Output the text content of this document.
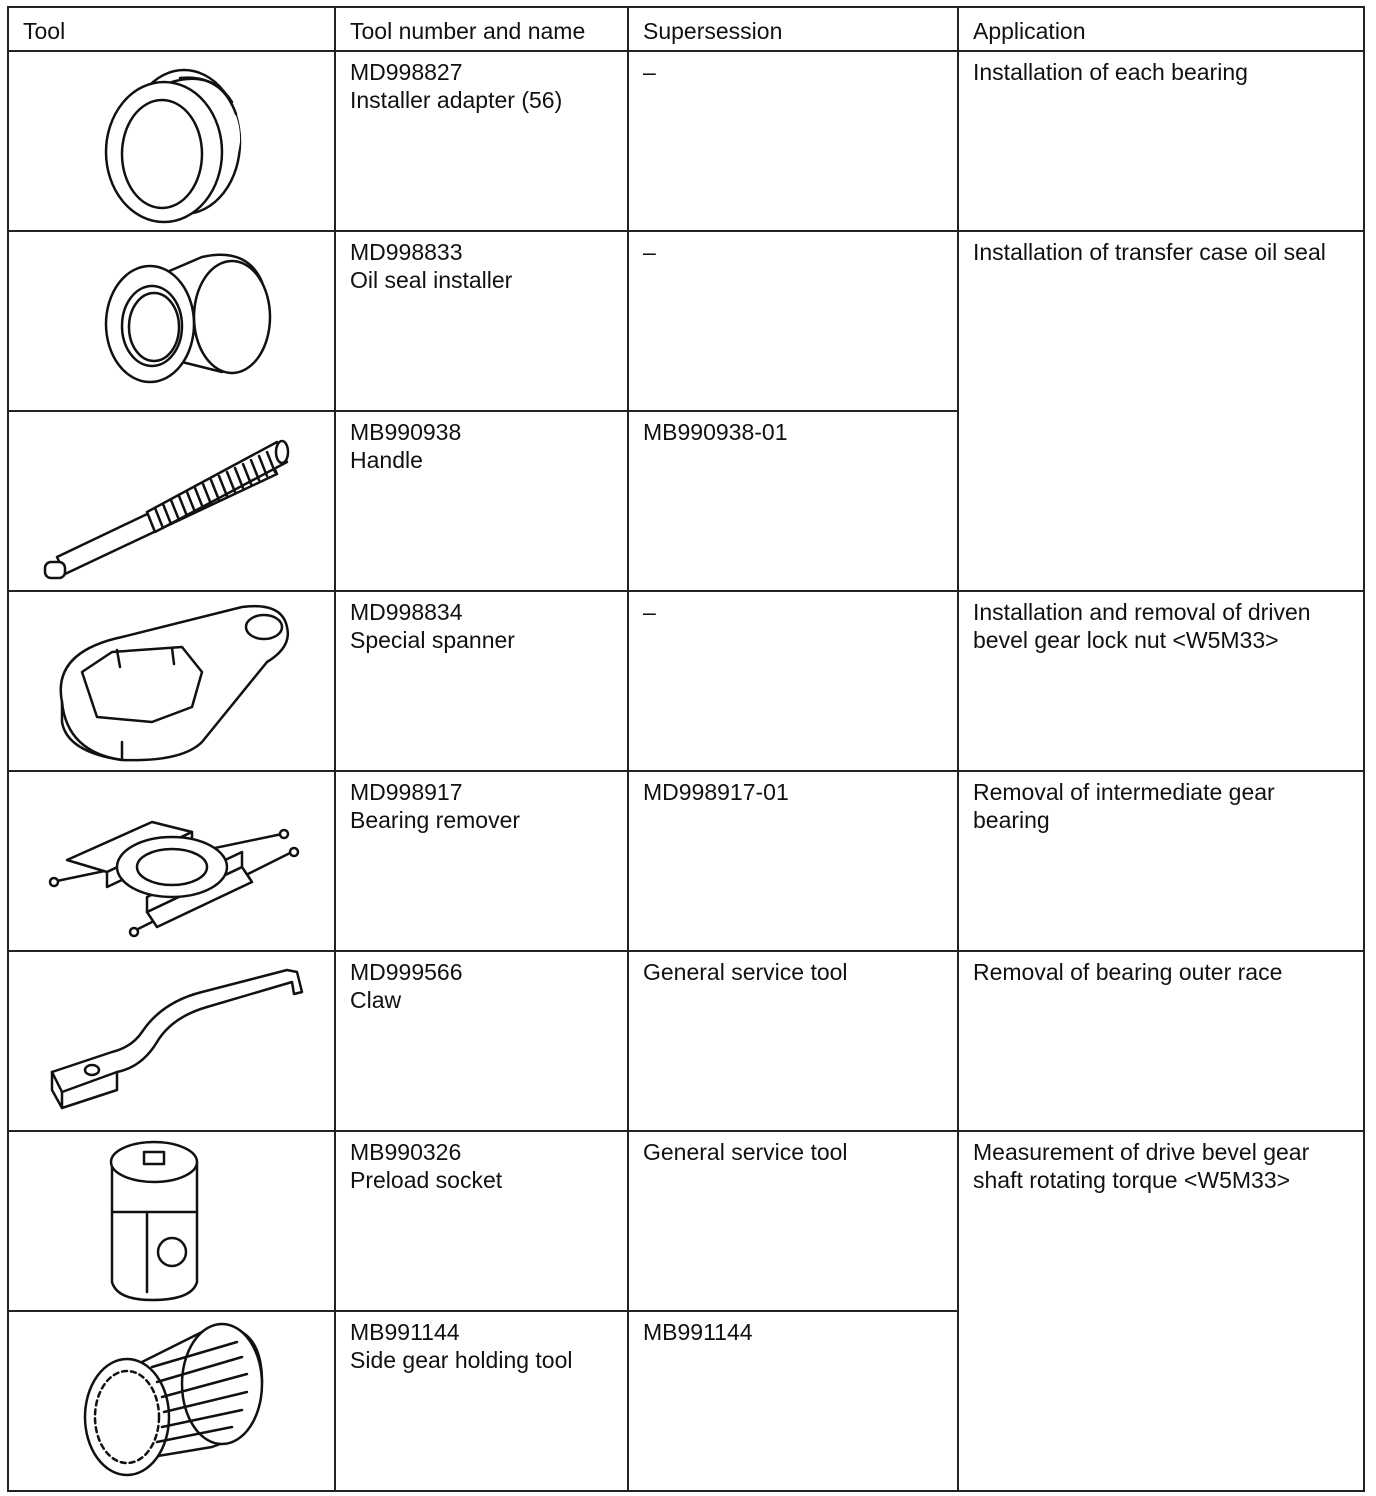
Tool	Tool number and name	Supersession	Application

MD998827
Installer adapter (56)	–	Installation of each bearing

MD998833
Oil seal installer	–	Installation of transfer case oil seal

MB990938
Handle	MB990938-01	

MD998834
Special spanner	–	Installation and removal of driven bevel gear lock nut <W5M33>

MD998917
Bearing remover	MD998917-01	Removal of intermediate gear bearing

MD999566
Claw	General service tool	Removal of bearing outer race

MB990326
Preload socket	General service tool	Measurement of drive bevel gear shaft rotating torque <W5M33>

MB991144
Side gear holding tool	MB991144	
